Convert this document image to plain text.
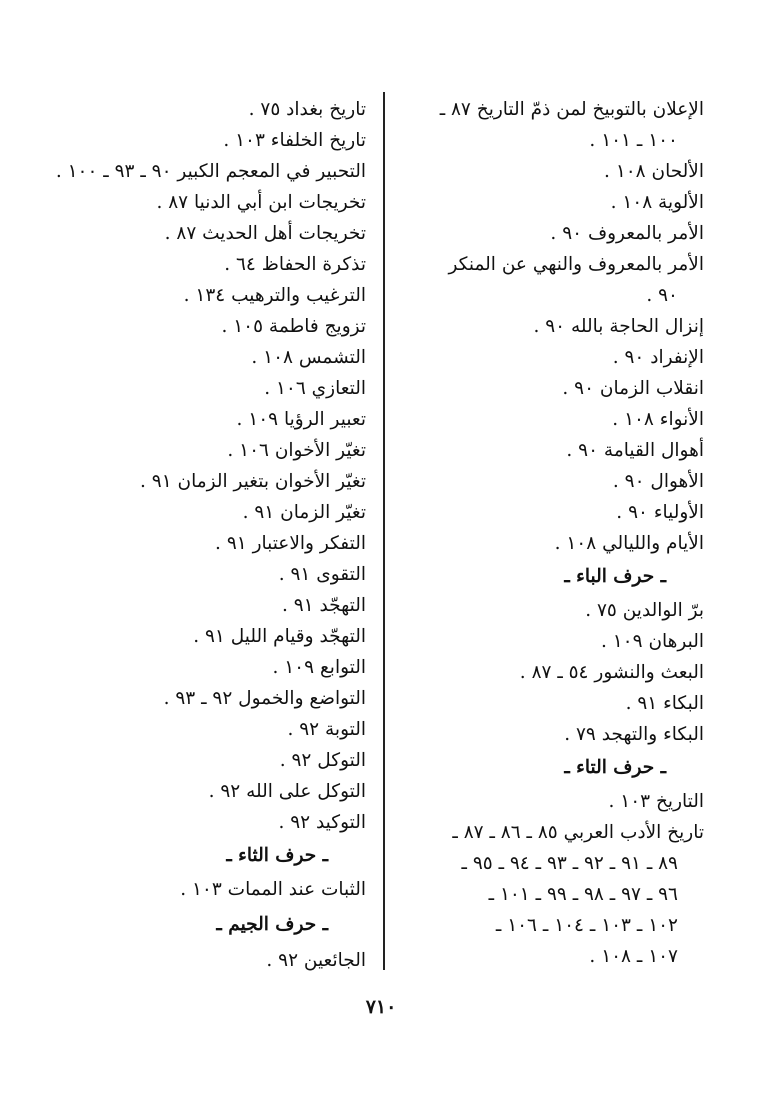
الإعلان بالتوبيخ لمن ذمّ التاريخ ٨٧ ـ
١٠٠ ـ ١٠١ .
الألحان ١٠٨ .
الألوية ١٠٨ .
الأمر بالمعروف ٩٠ .
الأمر بالمعروف والنهي عن المنكر
٩٠ .
إنزال الحاجة بالله ٩٠ .
الإنفراد ٩٠ .
انقلاب الزمان ٩٠ .
الأنواء ١٠٨ .
أهوال القيامة ٩٠ .
الأهوال ٩٠ .
الأولياء ٩٠ .
الأيام والليالي ١٠٨ .
ـ حرف الباء ـ
برّ الوالدين ٧٥ .
البرهان ١٠٩ .
البعث والنشور ٥٤ ـ ٨٧ .
البكاء ٩١ .
البكاء والتهجد ٧٩ .
ـ حرف التاء ـ
التاريخ ١٠٣ .
تاريخ الأدب العربي ٨٥ ـ ٨٦ ـ ٨٧ ـ
٨٩ ـ ٩١ ـ ٩٢ ـ ٩٣ ـ ٩٤ ـ ٩٥ ـ
٩٦ ـ ٩٧ ـ ٩٨ ـ ٩٩ ـ ١٠١ ـ
١٠٢ ـ ١٠٣ ـ ١٠٤ ـ ١٠٦ ـ
١٠٧ ـ ١٠٨ .
تاريخ بغداد ٧٥ .
تاريخ الخلفاء ١٠٣ .
التحبير في المعجم الكبير ٩٠ ـ ٩٣ ـ ١٠٠ .
تخريجات ابن أبي الدنيا ٨٧ .
تخريجات أهل الحديث ٨٧ .
تذكرة الحفاظ ٦٤ .
الترغيب والترهيب ١٣٤ .
تزويج فاطمة ١٠٥ .
التشمس ١٠٨ .
التعازي ١٠٦ .
تعبير الرؤيا ١٠٩ .
تغيّر الأخوان ١٠٦ .
تغيّر الأخوان بتغير الزمان ٩١ .
تغيّر الزمان ٩١ .
التفكر والاعتبار ٩١ .
التقوى ٩١ .
التهجّد ٩١ .
التهجّد وقيام الليل ٩١ .
التوابع ١٠٩ .
التواضع والخمول ٩٢ ـ ٩٣ .
التوبة ٩٢ .
التوكل ٩٢ .
التوكل على الله ٩٢ .
التوكيد ٩٢ .
ـ حرف الثاء ـ
الثبات عند الممات ١٠٣ .
ـ حرف الجيم ـ
الجائعين ٩٢ .
٧١٠
